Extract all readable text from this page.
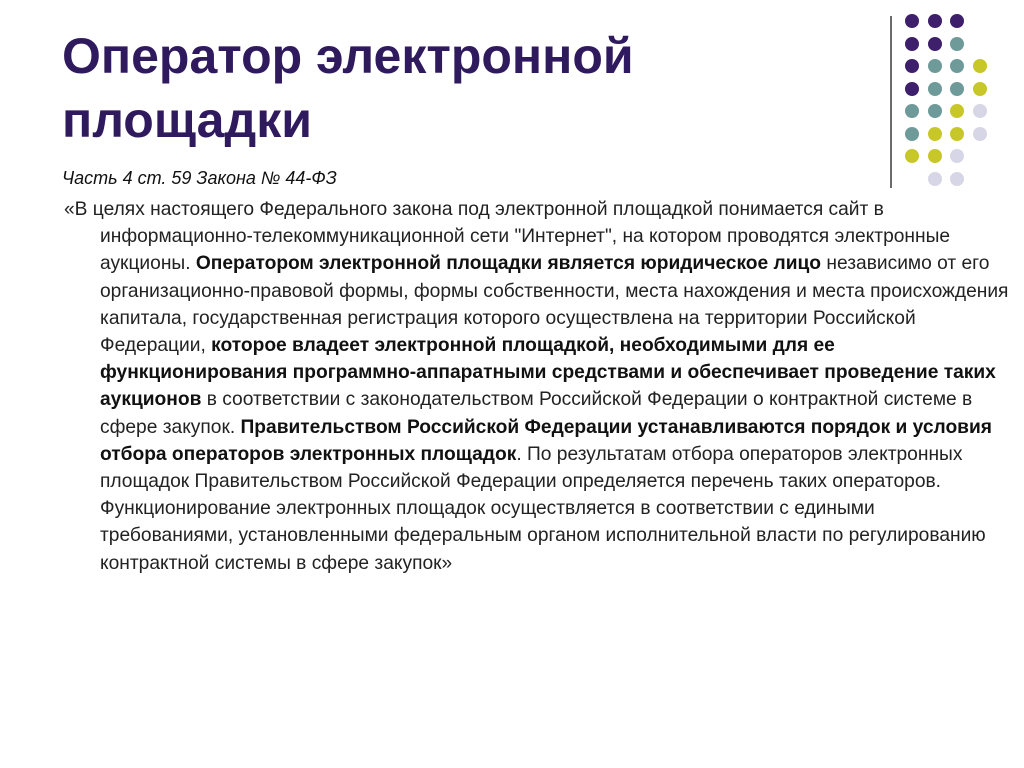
Оператор электронной площадки

Часть 4 ст. 59 Закона № 44-ФЗ

«В целях настоящего Федерального закона под электронной площадкой понимается сайт в информационно-телекоммуникационной сети "Интернет", на котором проводятся электронные аукционы. Оператором электронной площадки является юридическое лицо независимо от его организационно-правовой формы, формы собственности, места нахождения и места происхождения капитала, государственная регистрация которого осуществлена на территории Российской Федерации, которое владеет электронной площадкой, необходимыми для ее функционирования программно-аппаратными средствами и обеспечивает проведение таких аукционов в соответствии с законодательством Российской Федерации о контрактной системе в сфере закупок. Правительством Российской Федерации устанавливаются порядок и условия отбора операторов электронных площадок. По результатам отбора операторов электронных площадок Правительством Российской Федерации определяется перечень таких операторов. Функционирование электронных площадок осуществляется в соответствии с едиными требованиями, установленными федеральным органом исполнительной власти по регулированию контрактной системы в сфере закупок»
